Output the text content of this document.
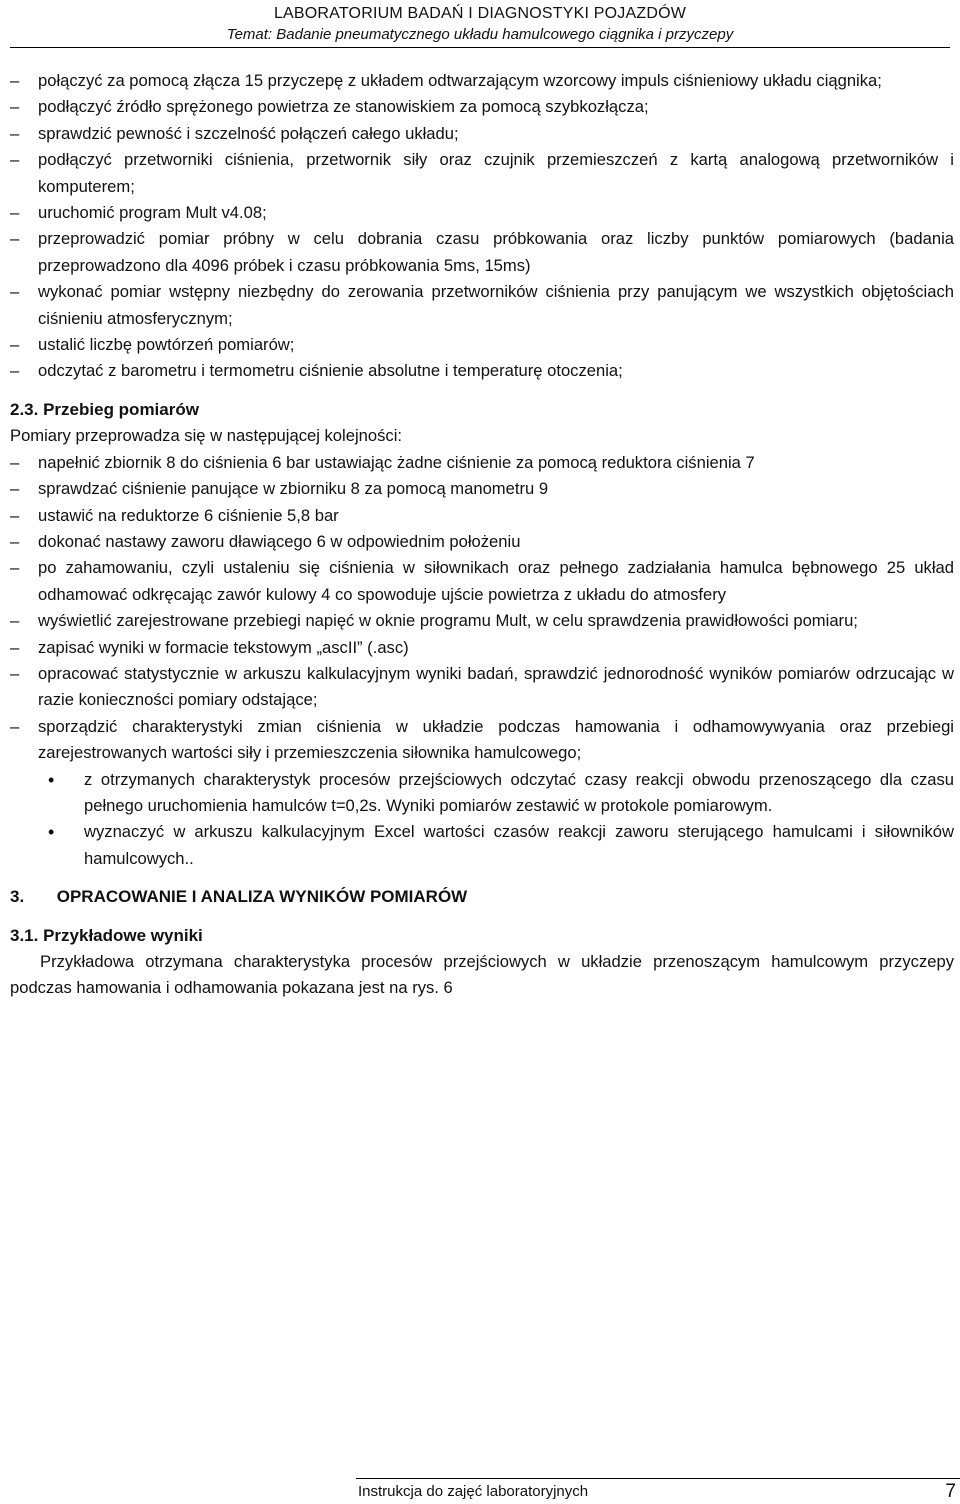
LABORATORIUM BADAŃ I DIAGNOSTYKI POJAZDÓW
Temat: Badanie pneumatycznego układu hamulcowego ciągnika i przyczepy
– połączyć za pomocą złącza 15 przyczepę z układem odtwarzającym wzorcowy impuls ciśnieniowy układu ciągnika;
– podłączyć źródło sprężonego powietrza ze stanowiskiem za pomocą szybkozłącza;
– sprawdzić pewność i szczelność połączeń całego układu;
– podłączyć przetworniki ciśnienia, przetwornik siły oraz czujnik przemieszczeń z kartą analogową przetworników i komputerem;
– uruchomić program Mult v4.08;
– przeprowadzić pomiar próbny w celu dobrania czasu próbkowania oraz liczby punktów pomiarowych (badania przeprowadzono dla 4096 próbek i czasu próbkowania 5ms, 15ms)
– wykonać pomiar wstępny niezbędny do zerowania przetworników ciśnienia przy panującym we wszystkich objętościach ciśnieniu atmosferycznym;
– ustalić liczbę powtórzeń pomiarów;
– odczytać z barometru i termometru ciśnienie absolutne i temperaturę otoczenia;
2.3. Przebieg pomiarów

Pomiary przeprowadza się w następującej kolejności:

– napełnić zbiornik 8 do ciśnienia 6 bar ustawiając żadne ciśnienie za pomocą reduktora ciśnienia 7
– sprawdzać ciśnienie panujące w zbiorniku 8 za pomocą manometru 9
– ustawić na reduktorze 6 ciśnienie 5,8 bar
– dokonać nastawy zaworu dławiącego 6 w odpowiednim położeniu
– po zahamowaniu, czyli ustaleniu się ciśnienia w siłownikach oraz pełnego zadziałania hamulca bębnowego 25 układ odhamować odkręcając zawór kulowy 4 co spowoduje ujście powietrza z układu do atmosfery
– wyświetlić zarejestrowane przebiegi napięć w oknie programu Mult, w celu sprawdzenia prawidłowości pomiaru;
– zapisać wyniki w formacie tekstowym „ascII” (.asc)
– opracować statystycznie w arkuszu kalkulacyjnym wyniki badań, sprawdzić jednorodność wyników pomiarów odrzucając w razie konieczności pomiary odstające;
– sporządzić charakterystyki zmian ciśnienia w układzie podczas hamowania i odhamowywyania oraz przebiegi zarejestrowanych wartości siły i przemieszczenia siłownika hamulcowego;
• z otrzymanych charakterystyk procesów przejściowych odczytać czasy reakcji obwodu przenoszącego dla czasu pełnego uruchomienia hamulców t=0,2s. Wyniki pomiarów zestawić w protokole pomiarowym.
• wyznaczyć w arkuszu kalkulacyjnym Excel wartości czasów reakcji zaworu sterującego hamulcami i siłowników hamulcowych..
3. OPRACOWANIE I ANALIZA WYNIKÓW POMIARÓW
3.1. Przykładowe wyniki

Przykładowa otrzymana charakterystyka procesów przejściowych w układzie przenoszącym hamulcowym przyczepy podczas hamowania i odhamowania pokazana jest na rys. 6

Instrukcja do zajęć laboratoryjnych	7
